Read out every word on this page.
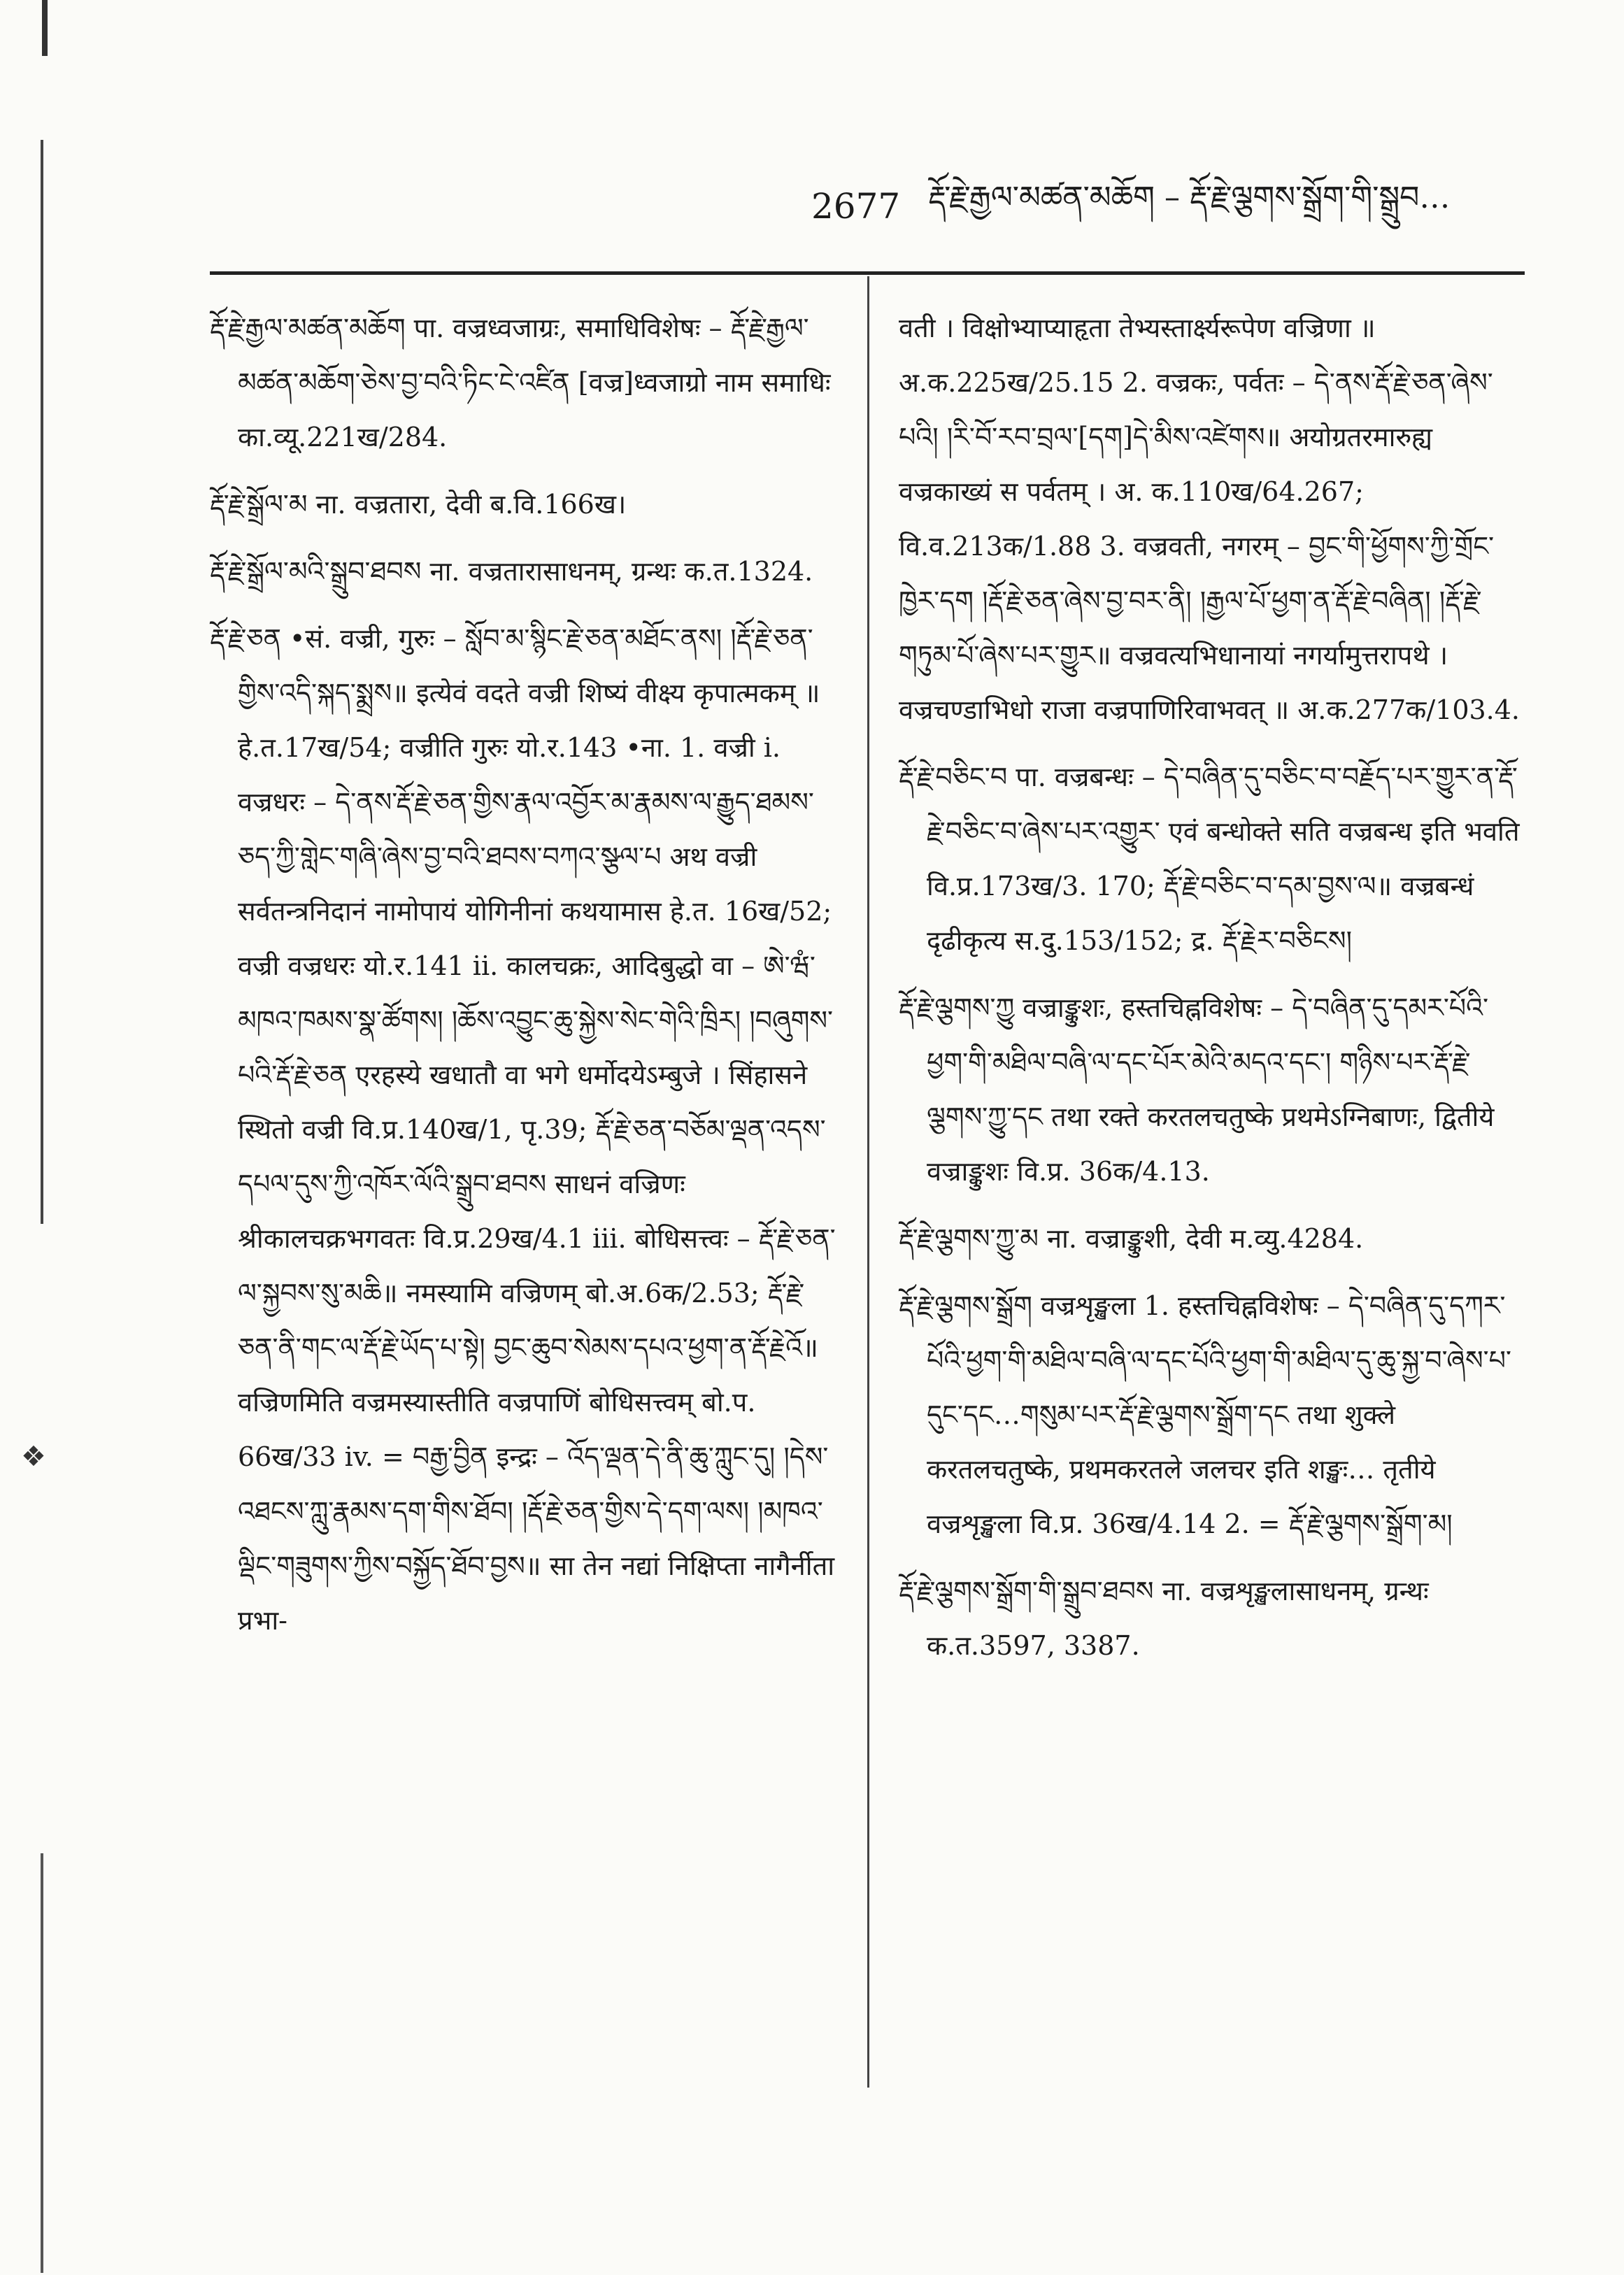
❖
2677 རྡོ་རྗེ་རྒྱལ་མཚན་མཆོག – རྡོ་རྗེ་ལྕགས་སྒྲོག་གི་སྒྲུབ…

རྡོ་རྗེ་རྒྱལ་མཚན་མཆོག पा. वज्रध्वजाग्रः, समाधिविशेषः – རྡོ་རྗེ་རྒྱལ་མཚན་མཆོག་ཅེས་བྱ་བའི་ཏིང་ངེ་འཛིན [वज्र]ध्वजाग्रो नाम समाधिः का.व्यू.221ख/284.

རྡོ་རྗེ་སྒྲོལ་མ ना. वज्रतारा, देवी ब.वि.166ख।

རྡོ་རྗེ་སྒྲོལ་མའི་སྒྲུབ་ཐབས ना. वज्रतारासाधनम्, ग्रन्थः क.त.1324.

རྡོ་རྗེ་ཅན •सं. वज्री, गुरुः – སློབ་མ་སྙིང་རྗེ་ཅན་མཐོང་ནས། །རྡོ་རྗེ་ཅན་གྱིས་འདི་སྐད་སྨྲས॥ इत्येवं वदते वज्री शिष्यं वीक्ष्य कृपात्मकम् ॥ हे.त.17ख/54; वज्रीति गुरुः यो.र.143 •ना. 1. वज्री i. वज्रधरः – དེ་ནས་རྡོ་རྗེ་ཅན་གྱིས་རྣལ་འབྱོར་མ་རྣམས་ལ་རྒྱུད་ཐམས་ཅད་ཀྱི་གླེང་གཞི་ཞེས་བྱ་བའི་ཐབས་བཀའ་སྩལ་པ अथ वज्री सर्वतन्त्रनिदानं नामोपायं योगिनीनां कथयामास हे.त. 16ख/52; वज्री वज्रधरः यो.र.141 ii. कालचक्रः, आदिबुद्धो वा – ཨེ་ཝཾ་མཁའ་ཁམས་སྣ་ཚོགས། །ཆོས་འབྱུང་ཆུ་སྐྱེས་སེང་གེའི་ཁྲིར། །བཞུགས་པའི་རྡོ་རྗེ་ཅན एरहस्ये खधातौ वा भगे धर्मोदयेऽम्बुजे । सिंहासने स्थितो वज्री वि.प्र.140ख/1, पृ.39; རྡོ་རྗེ་ཅན་བཅོམ་ལྡན་འདས་དཔལ་དུས་ཀྱི་འཁོར་ལོའི་སྒྲུབ་ཐབས साधनं वज्रिणः श्रीकालचक्रभगवतः वि.प्र.29ख/4.1 iii. बोधिसत्त्वः – རྡོ་རྗེ་ཅན་ལ་སྐྱབས་སུ་མཆི॥ नमस्यामि वज्रिणम् बो.अ.6क/2.53; རྡོ་རྗེ་ཅན་ནི་གང་ལ་རྡོ་རྗེ་ཡོད་པ་སྟེ། བྱང་ཆུབ་སེམས་དཔའ་ཕྱག་ན་རྡོ་རྗེའོ॥ वज्रिणमिति वज्रमस्यास्तीति वज्रपाणिं बोधिसत्त्वम् बो.प. 66ख/33 iv. = བརྒྱ་བྱིན इन्द्रः – འོད་ལྡན་དེ་ནི་ཆུ་ཀླུང་དུ། །དེས་འཐངས་ཀླུ་རྣམས་དག་གིས་ཐོབ། །རྡོ་རྗེ་ཅན་གྱིས་དེ་དག་ལས། །མཁའ་ལྡིང་གཟུགས་ཀྱིས་བསྐྱོད་ཐོབ་བྱས॥ सा तेन नद्यां निक्षिप्ता नागैर्नीता प्रभा-

वती । विक्षोभ्याप्याहृता तेभ्यस्तार्क्ष्यरूपेण वज्रिणा ॥ अ.क.225ख/25.15 2. वज्रकः, पर्वतः – དེ་ནས་རྡོ་རྗེ་ཅན་ཞེས་པའི། །རི་བོ་རབ་བྲལ་[དག]དེ་མིས་འཛེགས॥ अयोग्रतरमारुह्य वज्रकाख्यं स पर्वतम् । अ. क.110ख/64.267; वि.व.213क/1.88 3. वज्रवती, नगरम् – བྱང་གི་ཕྱོགས་ཀྱི་གྲོང་ཁྱེར་དག །རྡོ་རྗེ་ཅན་ཞེས་བྱ་བར་ནི། །རྒྱལ་པོ་ཕྱག་ན་རྡོ་རྗེ་བཞིན། །རྡོ་རྗེ་གཏུམ་པོ་ཞེས་པར་གྱུར॥ वज्रवत्यभिधानायां नगर्यामुत्तरापथे । वज्रचण्डाभिधो राजा वज्रपाणिरिवाभवत् ॥ अ.क.277क/103.4.

རྡོ་རྗེ་བཅིང་བ पा. वज्रबन्धः – དེ་བཞིན་དུ་བཅིང་བ་བརྗོད་པར་གྱུར་ན་རྡོ་རྗེ་བཅིང་བ་ཞེས་པར་འགྱུར་ एवं बन्धोक्ते सति वज्रबन्ध इति भवति वि.प्र.173ख/3. 170; རྡོ་རྗེ་བཅིང་བ་དམ་བྱས་ལ॥ वज्रबन्धं दृढीकृत्य स.दु.153/152; द्र. རྡོ་རྗེར་བཅིངས།

རྡོ་རྗེ་ལྕགས་ཀྱུ वज्राङ्कुशः, हस्तचिह्नविशेषः – དེ་བཞིན་དུ་དམར་པོའི་ཕྱག་གི་མཐིལ་བཞི་ལ་དང་པོར་མེའི་མདའ་དང་། གཉིས་པར་རྡོ་རྗེ་ལྕགས་ཀྱུ་དང तथा रक्ते करतलचतुष्के प्रथमेऽग्निबाणः, द्वितीये वज्राङ्कुशः वि.प्र. 36क/4.13.

རྡོ་རྗེ་ལྕགས་ཀྱུ་མ ना. वज्राङ्कुशी, देवी म.व्यु.4284.

རྡོ་རྗེ་ལྕགས་སྒྲོག वज्रशृङ्खला 1. हस्तचिह्नविशेषः – དེ་བཞིན་དུ་དཀར་པོའི་ཕྱག་གི་མཐིལ་བཞི་ལ་དང་པོའི་ཕྱག་གི་མཐིལ་དུ་ཆུ་སྐྱ་བ་ཞེས་པ་དུང་དང…གསུམ་པར་རྡོ་རྗེ་ལྕགས་སྒྲོག་དང तथा शुक्ले करतलचतुष्के, प्रथमकरतले जलचर इति शङ्खः… तृतीये वज्रशृङ्खला वि.प्र. 36ख/4.14 2. = རྡོ་རྗེ་ལྕགས་སྒྲོག་མ།

རྡོ་རྗེ་ལྕགས་སྒྲོག་གི་སྒྲུབ་ཐབས ना. वज्रशृङ्खलासाधनम्, ग्रन्थः क.त.3597, 3387.
